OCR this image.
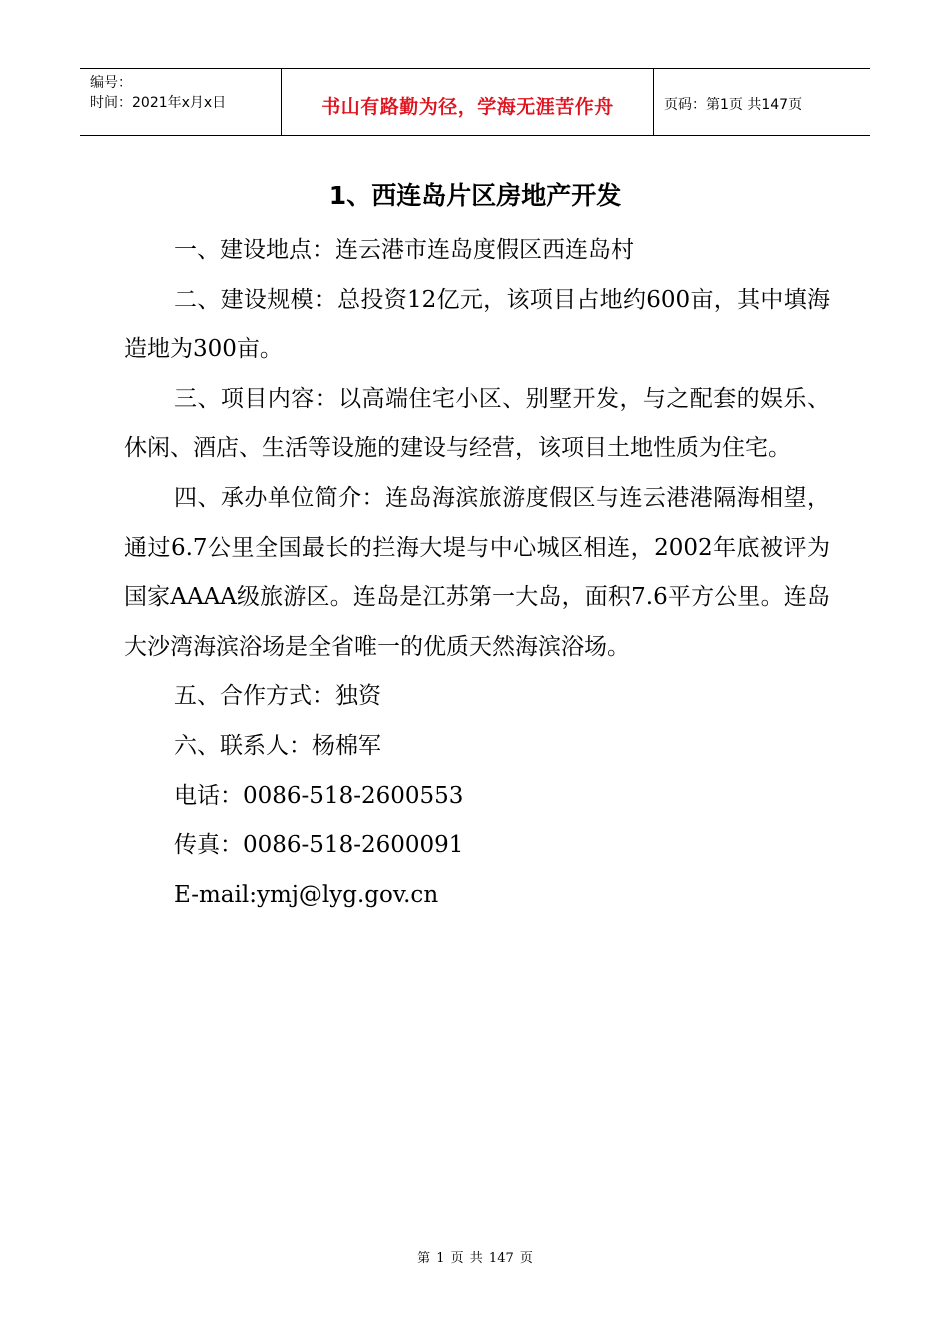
编号：
时间：2021年x月x日	书山有路勤为径，学海无涯苦作舟	页码：第1页 共147页
1、西连岛片区房地产开发

一、建设地点：连云港市连岛度假区西连岛村

二、建设规模：总投资12亿元，该项目占地约600亩，其中填海造地为300亩。

三、项目内容：以高端住宅小区、别墅开发，与之配套的娱乐、休闲、酒店、生活等设施的建设与经营，该项目土地性质为住宅。

四、承办单位简介：连岛海滨旅游度假区与连云港港隔海相望，通过6.7公里全国最长的拦海大堤与中心城区相连，2002年底被评为国家AAAA级旅游区。连岛是江苏第一大岛，面积7.6平方公里。连岛大沙湾海滨浴场是全省唯一的优质天然海滨浴场。

五、合作方式：独资

六、联系人：杨棉军

电话：0086-518-2600553

传真：0086-518-2600091

E-mail:ymj@lyg.gov.cn

第 1 页 共 147 页
